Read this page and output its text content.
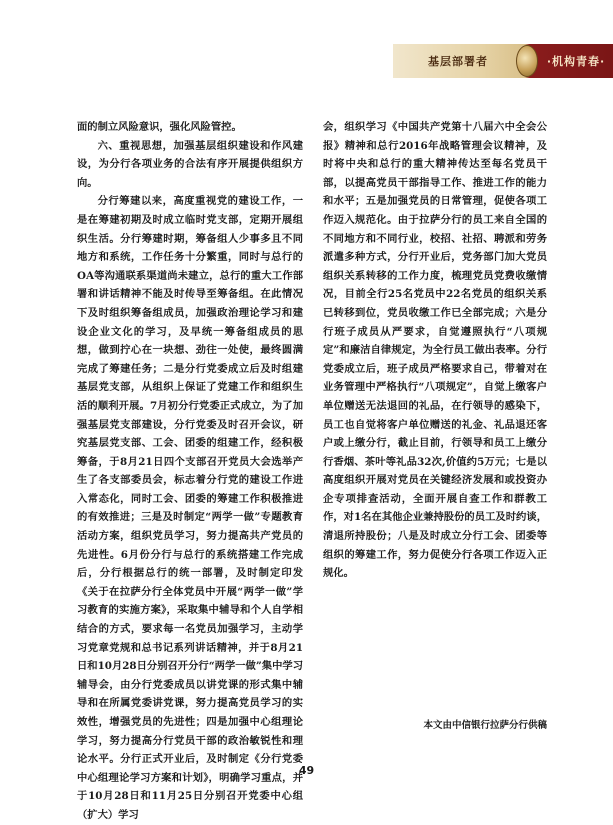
基层部署者	·机构青春·

面的制立风险意识，强化风险管控。

六、重视思想，加强基层组织建设和作风建设，为分行各项业务的合法有序开展提供组织方向。

分行筹建以来，高度重视党的建设工作，一是在筹建初期及时成立临时党支部，定期开展组织生活。分行筹建时期，筹备组人少事多且不同地方和系统，工作任务十分繁重，同时与总行的OA等沟通联系渠道尚未建立，总行的重大工作部署和讲话精神不能及时传导至筹备组。在此情况下及时组织筹备组成员，加强政治理论学习和建设企业文化的学习，及早统一筹备组成员的思想，做到拧心在一块想、劲往一处使，最终圆满完成了筹建任务；二是分行党委成立后及时组建基层党支部，从组织上保证了党建工作和组织生活的顺利开展。7月初分行党委正式成立，为了加强基层党支部建设，分行党委及时召开会议，研究基层党支部、工会、团委的组建工作，经积极筹备，于8月21日四个支部召开党员大会选举产生了各支部委员会，标志着分行党的建设工作进入常态化，同时工会、团委的筹建工作积极推进的有效推进；三是及时制定“两学一做”专题教育活动方案，组织党员学习，努力提高共产党员的先进性。6月份分行与总行的系统搭建工作完成后，分行根据总行的统一部署，及时制定印发《关于在拉萨分行全体党员中开展“两学一做”学习教育的实施方案》，采取集中辅导和个人自学相结合的方式，要求每一名党员加强学习，主动学习党章党规和总书记系列讲话精神，并于8月21日和10月28日分别召开分行“两学一做”集中学习辅导会，由分行党委成员以讲党课的形式集中辅导和在所属党委讲党课，努力提高党员学习的实效性，增强党员的先进性；四是加强中心组理论学习，努力提高分行党员干部的政治敏锐性和理论水平。分行正式开业后，及时制定《分行党委中心组理论学习方案和计划》，明确学习重点，并于10月28日和11月25日分别召开党委中心组（扩大）学习

会，组织学习《中国共产党第十八届六中全会公报》精神和总行2016年战略管理会议精神，及时将中央和总行的重大精神传达至每名党员干部，以提高党员干部指导工作、推进工作的能力和水平；五是加强党员的日常管理，促使各项工作迈入规范化。由于拉萨分行的员工来自全国的不同地方和不同行业，校招、社招、聘派和劳务派遣多种方式，分行开业后，党务部门加大党员组织关系转移的工作力度，梳理党员党费收缴情况，目前全行25名党员中22名党员的组织关系已转移到位，党员收缴工作已全部完成；六是分行班子成员从严要求，自觉遵照执行“八项规定”和廉洁自律规定，为全行员工做出表率。分行党委成立后，班子成员严格要求自己，带着对在业务管理中严格执行“八项规定”，自觉上缴客户单位赠送无法退回的礼品，在行领导的感染下，员工也自觉将客户单位赠送的礼金、礼品退还客户或上缴分行，截止目前，行领导和员工上缴分行香烟、茶叶等礼品32次,价值约5万元；七是以高度组织开展对党员在关键经济发展和或投资办企专项排查活动，全面开展自查工作和群教工作，对1名在其他企业兼持股份的员工及时约谈，清退所持股份；八是及时成立分行工会、团委等组织的筹建工作，努力促使分行各项工作迈入正规化。

本文由中信银行拉萨分行供稿
49
